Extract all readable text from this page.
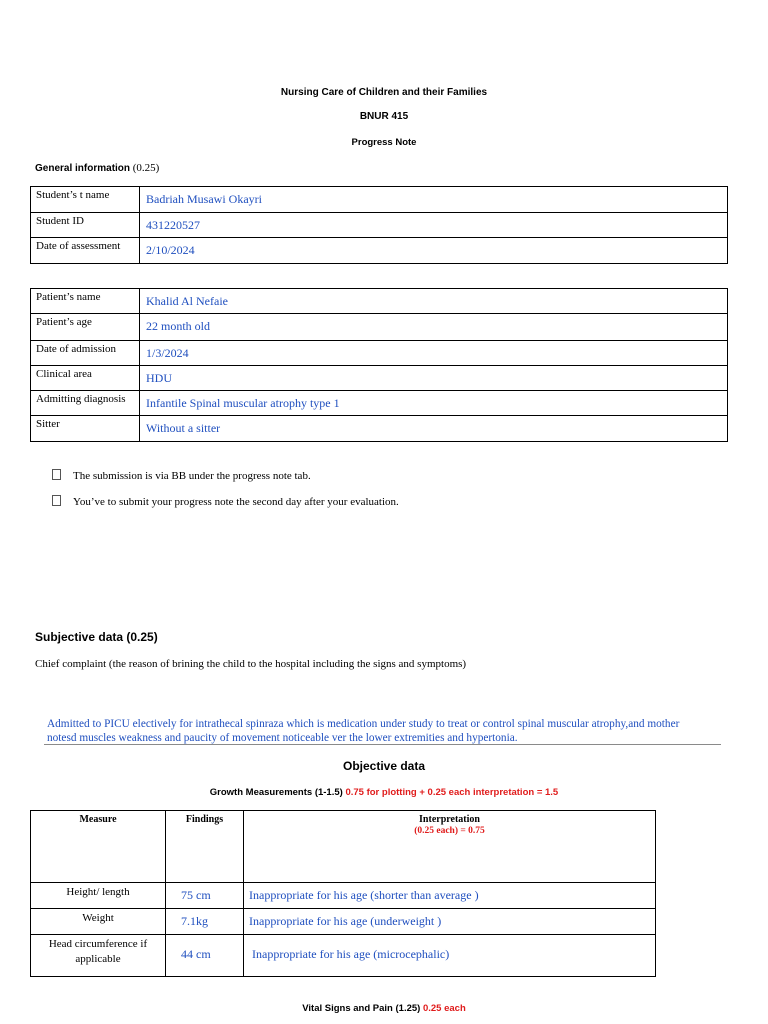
Nursing Care of Children and their Families
BNUR 415
Progress Note
General information (0.25)
Student’s t name	Badriah Musawi Okayri
Student ID	431220527
Date of assessment	2/10/2024
Patient’s name	Khalid Al Nefaie
Patient’s age	22 month old
Date of admission	1/3/2024
Clinical area	HDU
Admitting diagnosis	Infantile Spinal muscular atrophy type 1
Sitter	Without a sitter
The submission is via BB under the progress note tab.
You’ve to submit your progress note the second day after your evaluation.
Subjective data (0.25)
Chief complaint (the reason of brining the child to the hospital including the signs and symptoms)
Admitted to PICU electively for intrathecal spinraza which is medication under study to treat or control spinal muscular atrophy,and mother
notesd muscles weakness and paucity of movement noticeable ver the lower extremities and hypertonia.
Objective data
Growth Measurements (1-1.5) 0.75 for plotting + 0.25 each interpretation = 1.5
Measure	Findings	Interpretation
(0.25 each) = 0.75

Height/ length	75 cm	Inappropriate for his age (shorter than average )
Weight	7.1kg	Inappropriate for his age (underweight )
Head circumference if applicable	44 cm	Inappropriate for his age (microcephalic)
Vital Signs and Pain (1.25) 0.25 each
